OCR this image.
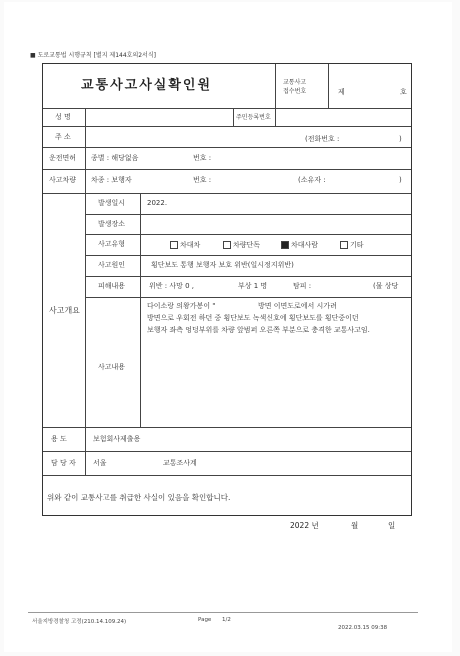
■ 도로교통법 시행규칙 [별지 제144호의2서식]
교통사고사실확인원	교통사고
접수번호	제	호
성 명	주민등록번호
주 소	(전화번호 :	)
운전면허 종별 : 해당없음	번호 :
사고차량 차종 : 보행자	번호 :	(소유자 :	)
사고개요
발생일시	2022.
발생장소
사고유형	차대차	차량단독	차대사람	기타
사고원인	횡단보도 통행 보행자 보호 위반(일시정지위반)
피해내용	위반 : 사망 0 ,	부상 1 명	탐피 :	(물 상당
사고내용
다이소랑 의왕가봉이 "	방면 이면도로에서 시가려
방면으로 우회전 하던 중 횡단보도 녹색신호에 횡단보도를 횡단중이던
보행자 좌측 엉덩부위를 차량 앞범퍼 오른쪽 부분으로 충격한 교통사고임.
용 도	보험회사제출용
담 당 자 서울	교통조사계
위와 같이 교통사고를 취급한 사실이 있음을 확인합니다.
2022 년	월	일
서울지방경찰청 고정(210.14.109.24)	Page 1/2
2022.03.15 09:38
